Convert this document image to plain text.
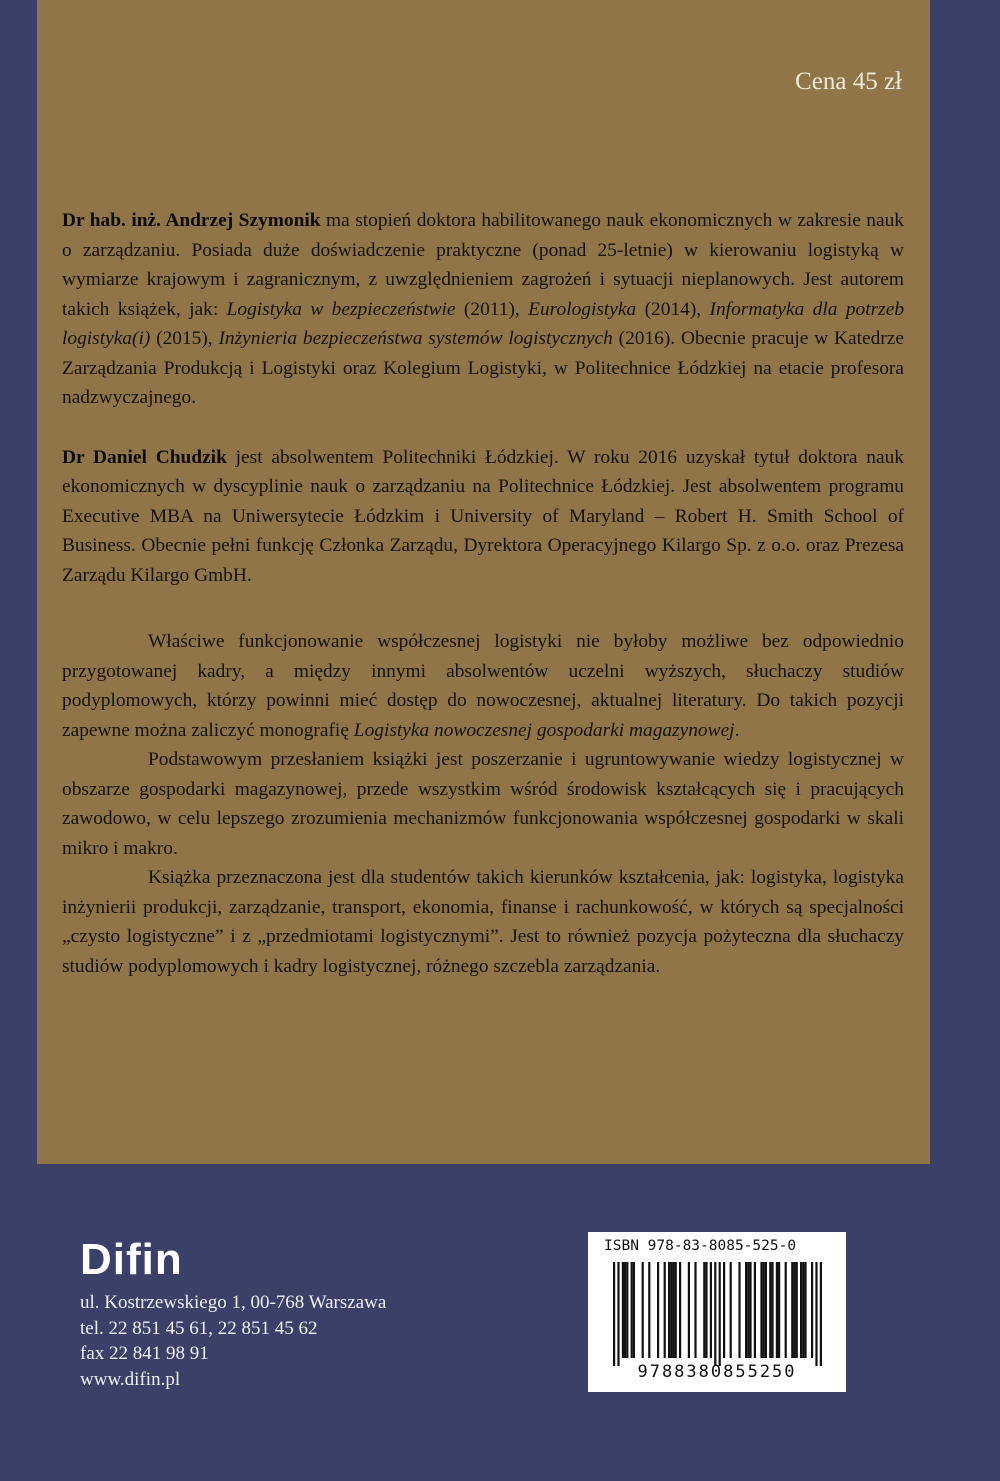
Cena 45 zł

Dr hab. inż. Andrzej Szymonik ma stopień doktora habilitowanego nauk ekonomicznych w zakresie nauk o zarządzaniu. Posiada duże doświadczenie praktyczne (ponad 25-letnie) w kierowaniu logistyką w wymiarze krajowym i zagranicznym, z uwzględnieniem zagrożeń i sytuacji nieplanowych. Jest autorem takich książek, jak: Logistyka w bezpieczeństwie (2011), Eurologistyka (2014), Informatyka dla potrzeb logistyka(i) (2015), Inżynieria bezpieczeństwa systemów logistycznych (2016). Obecnie pracuje w Katedrze Zarządzania Produkcją i Logistyki oraz Kolegium Logistyki, w Politechnice Łódzkiej na etacie profesora nadzwyczajnego.

Dr Daniel Chudzik jest absolwentem Politechniki Łódzkiej. W roku 2016 uzyskał tytuł doktora nauk ekonomicznych w dyscyplinie nauk o zarządzaniu na Politechnice Łódzkiej. Jest absolwentem programu Executive MBA na Uniwersytecie Łódzkim i University of Maryland – Robert H. Smith School of Business. Obecnie pełni funkcję Członka Zarządu, Dyrektora Operacyjnego Kilargo Sp. z o.o. oraz Prezesa Zarządu Kilargo GmbH.

Właściwe funkcjonowanie współczesnej logistyki nie byłoby możliwe bez odpowiednio przygotowanej kadry, a między innymi absolwentów uczelni wyższych, słuchaczy studiów podyplomowych, którzy powinni mieć dostęp do nowoczesnej, aktualnej literatury. Do takich pozycji zapewne można zaliczyć monografię Logistyka nowoczesnej gospodarki magazynowej.

Podstawowym przesłaniem książki jest poszerzanie i ugruntowywanie wiedzy logistycznej w obszarze gospodarki magazynowej, przede wszystkim wśród środowisk kształcących się i pracujących zawodowo, w celu lepszego zrozumienia mechanizmów funkcjonowania współczesnej gospodarki w skali mikro i makro.

Książka przeznaczona jest dla studentów takich kierunków kształcenia, jak: logistyka, logistyka inżynierii produkcji, zarządzanie, transport, ekonomia, finanse i rachunkowość, w których są specjalności „czysto logistyczne” i z „przedmiotami logistycznymi”. Jest to również pozycja pożyteczna dla słuchaczy studiów podyplomowych i kadry logistycznej, różnego szczebla zarządzania.

Difin
ul. Kostrzewskiego 1, 00-768 Warszawa
tel. 22 851 45 61, 22 851 45 62
fax 22 841 98 91
www.difin.pl
ISBN 978-83-8085-525-0
9788380855250
